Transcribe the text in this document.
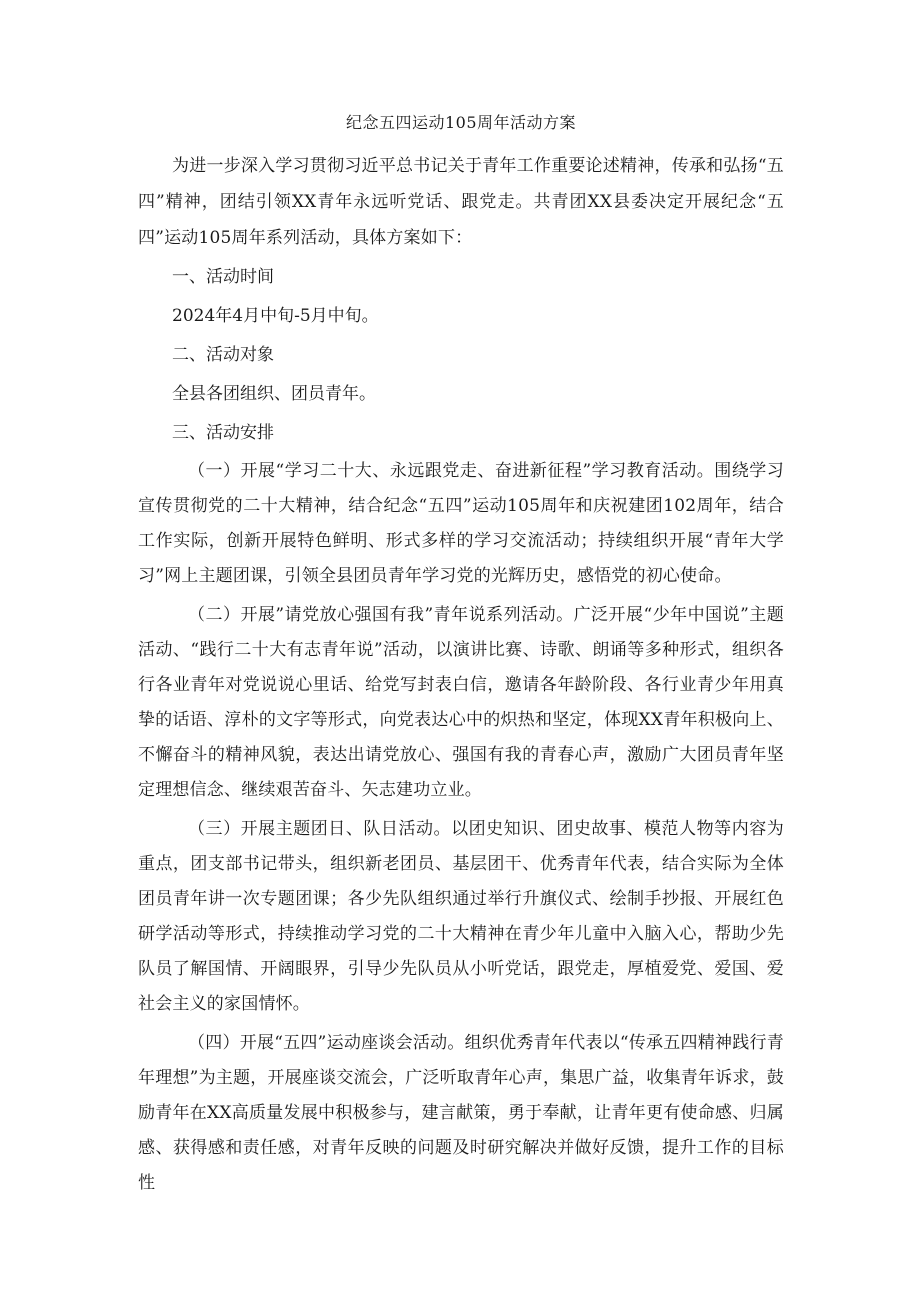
纪念五四运动105周年活动方案

为进一步深入学习贯彻习近平总书记关于青年工作重要论述精神，传承和弘扬“五四”精神，团结引领XX青年永远听党话、跟党走。共青团XX县委决定开展纪念“五四”运动105周年系列活动，具体方案如下：

一、活动时间

2024年4月中旬-5月中旬。

二、活动对象

全县各团组织、团员青年。

三、活动安排

（一）开展“学习二十大、永远跟党走、奋进新征程”学习教育活动。围绕学习宣传贯彻党的二十大精神，结合纪念“五四”运动105周年和庆祝建团102周年，结合工作实际，创新开展特色鲜明、形式多样的学习交流活动；持续组织开展“青年大学习”网上主题团课，引领全县团员青年学习党的光辉历史，感悟党的初心使命。

（二）开展”请党放心强国有我”青年说系列活动。广泛开展“少年中国说”主题活动、“践行二十大有志青年说”活动，以演讲比赛、诗歌、朗诵等多种形式，组织各行各业青年对党说说心里话、给党写封表白信，邀请各年龄阶段、各行业青少年用真挚的话语、淳朴的文字等形式，向党表达心中的炽热和坚定，体现XX青年积极向上、不懈奋斗的精神风貌，表达出请党放心、强国有我的青春心声，激励广大团员青年坚定理想信念、继续艰苦奋斗、矢志建功立业。

（三）开展主题团日、队日活动。以团史知识、团史故事、模范人物等内容为重点，团支部书记带头，组织新老团员、基层团干、优秀青年代表，结合实际为全体团员青年讲一次专题团课；各少先队组织通过举行升旗仪式、绘制手抄报、开展红色研学活动等形式，持续推动学习党的二十大精神在青少年儿童中入脑入心，帮助少先队员了解国情、开阔眼界，引导少先队员从小听党话，跟党走，厚植爱党、爱国、爱社会主义的家国情怀。

（四）开展“五四”运动座谈会活动。组织优秀青年代表以“传承五四精神践行青年理想”为主题，开展座谈交流会，广泛听取青年心声，集思广益，收集青年诉求，鼓励青年在XX高质量发展中积极参与，建言献策，勇于奉献，让青年更有使命感、归属感、获得感和责任感，对青年反映的问题及时研究解决并做好反馈，提升工作的目标性
